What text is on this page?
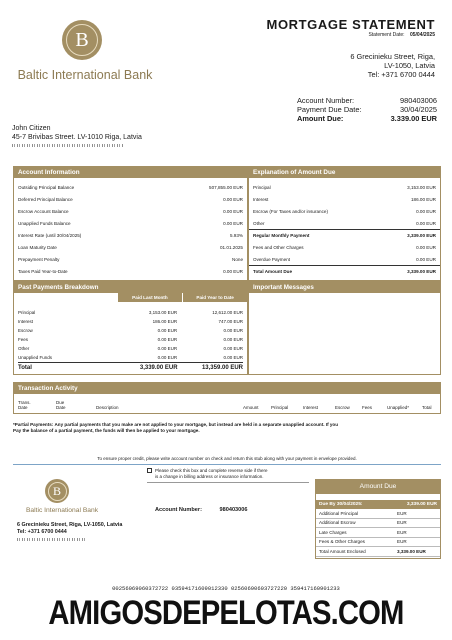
B
Baltic International Bank
MORTGAGE STATEMENT
Statement Date: 05/04/2025
6 Grecinieku Street, Riga,
LV-1050, Latvia
Tel: +371 6700 0444
Account Number:	980403006
Payment Due Date:	30/04/2025
Amount Due:	3.339.00 EUR
John Citizen
45-7 Brivibas Street. LV-1010 Riga, Latvia
Account Information
Outsiding Principal Balance	507,855.00 EUR
Deferred Principal Balance	0.00 EUR
Escrow Account Balance	0.00 EUR
Unapplied Funds Balance	0.00 EUR
Interest Rate (until 30/04/2025)	5.93%
Loan Maturity Date	01.01.2025
Prepayment Penalty	None
Taxes Paid Year-to-Date	0.00 EUR
Explanation of Amount Due
Principal	3,153.00 EUR
Interest	186.00 EUR
Escrow (For Taxes and/or insurance)	0.00 EUR
Other	0.00 EUR
Regular Monthly Payment	3,339.00 EUR
Fees and Other Charges	0.00 EUR
Overdue Payment	0.00 EUR
Total Amount Due	3,339.00 EUR
Past Payments Breakdown
Paid Last Month	Paid Year to Date
Principal	3,153.00 EUR	12,612.00 EUR
Interest	186.00 EUR	747.00 EUR
Escrow	0.00 EUR	0.00 EUR
Fees	0.00 EUR	0.00 EUR
Other	0.00 EUR	0.00 EUR
Unapplied Funds	0.00 EUR	0.00 EUR
Total	3,339.00 EUR	13,359.00 EUR
Important Messages
Transaction Activity
Trans.
Date
Due
Date	Description	Amount	Principal	Interest	Escrow	Fees	Unapplied*	Total
*Partial Payments: Any partial payments that you make are not applied to your mortgage, but instead are held in a separate unapplied account. If you
Pay the balance of a partial payment, the funds will then be applied to your mortgage.
To ensure proper credit, please write account number on check and return this stub along with your payment in envelope provided.
Please check this box and complete reverse side if there
is a change in billing address or insurance information.
B
Baltic International Bank	Account Number:	980403006
6 Grecinieku Street, Riga, LV-1050, Latvia
Tel: +371 6700 0444
Amount Due
Due By 30/04/2025:	3,339.00 EUR
Additional Principal	EUR
Additional Escrow	EUR
Late Charges	EUR
Fees & Other Charges	EUR
Total Amount Enclosed	3,339.00 EUR
00256069060372722 03594171609012330 02560690603727220 359417160901233
AMIGOSDEPELOTAS.COM
